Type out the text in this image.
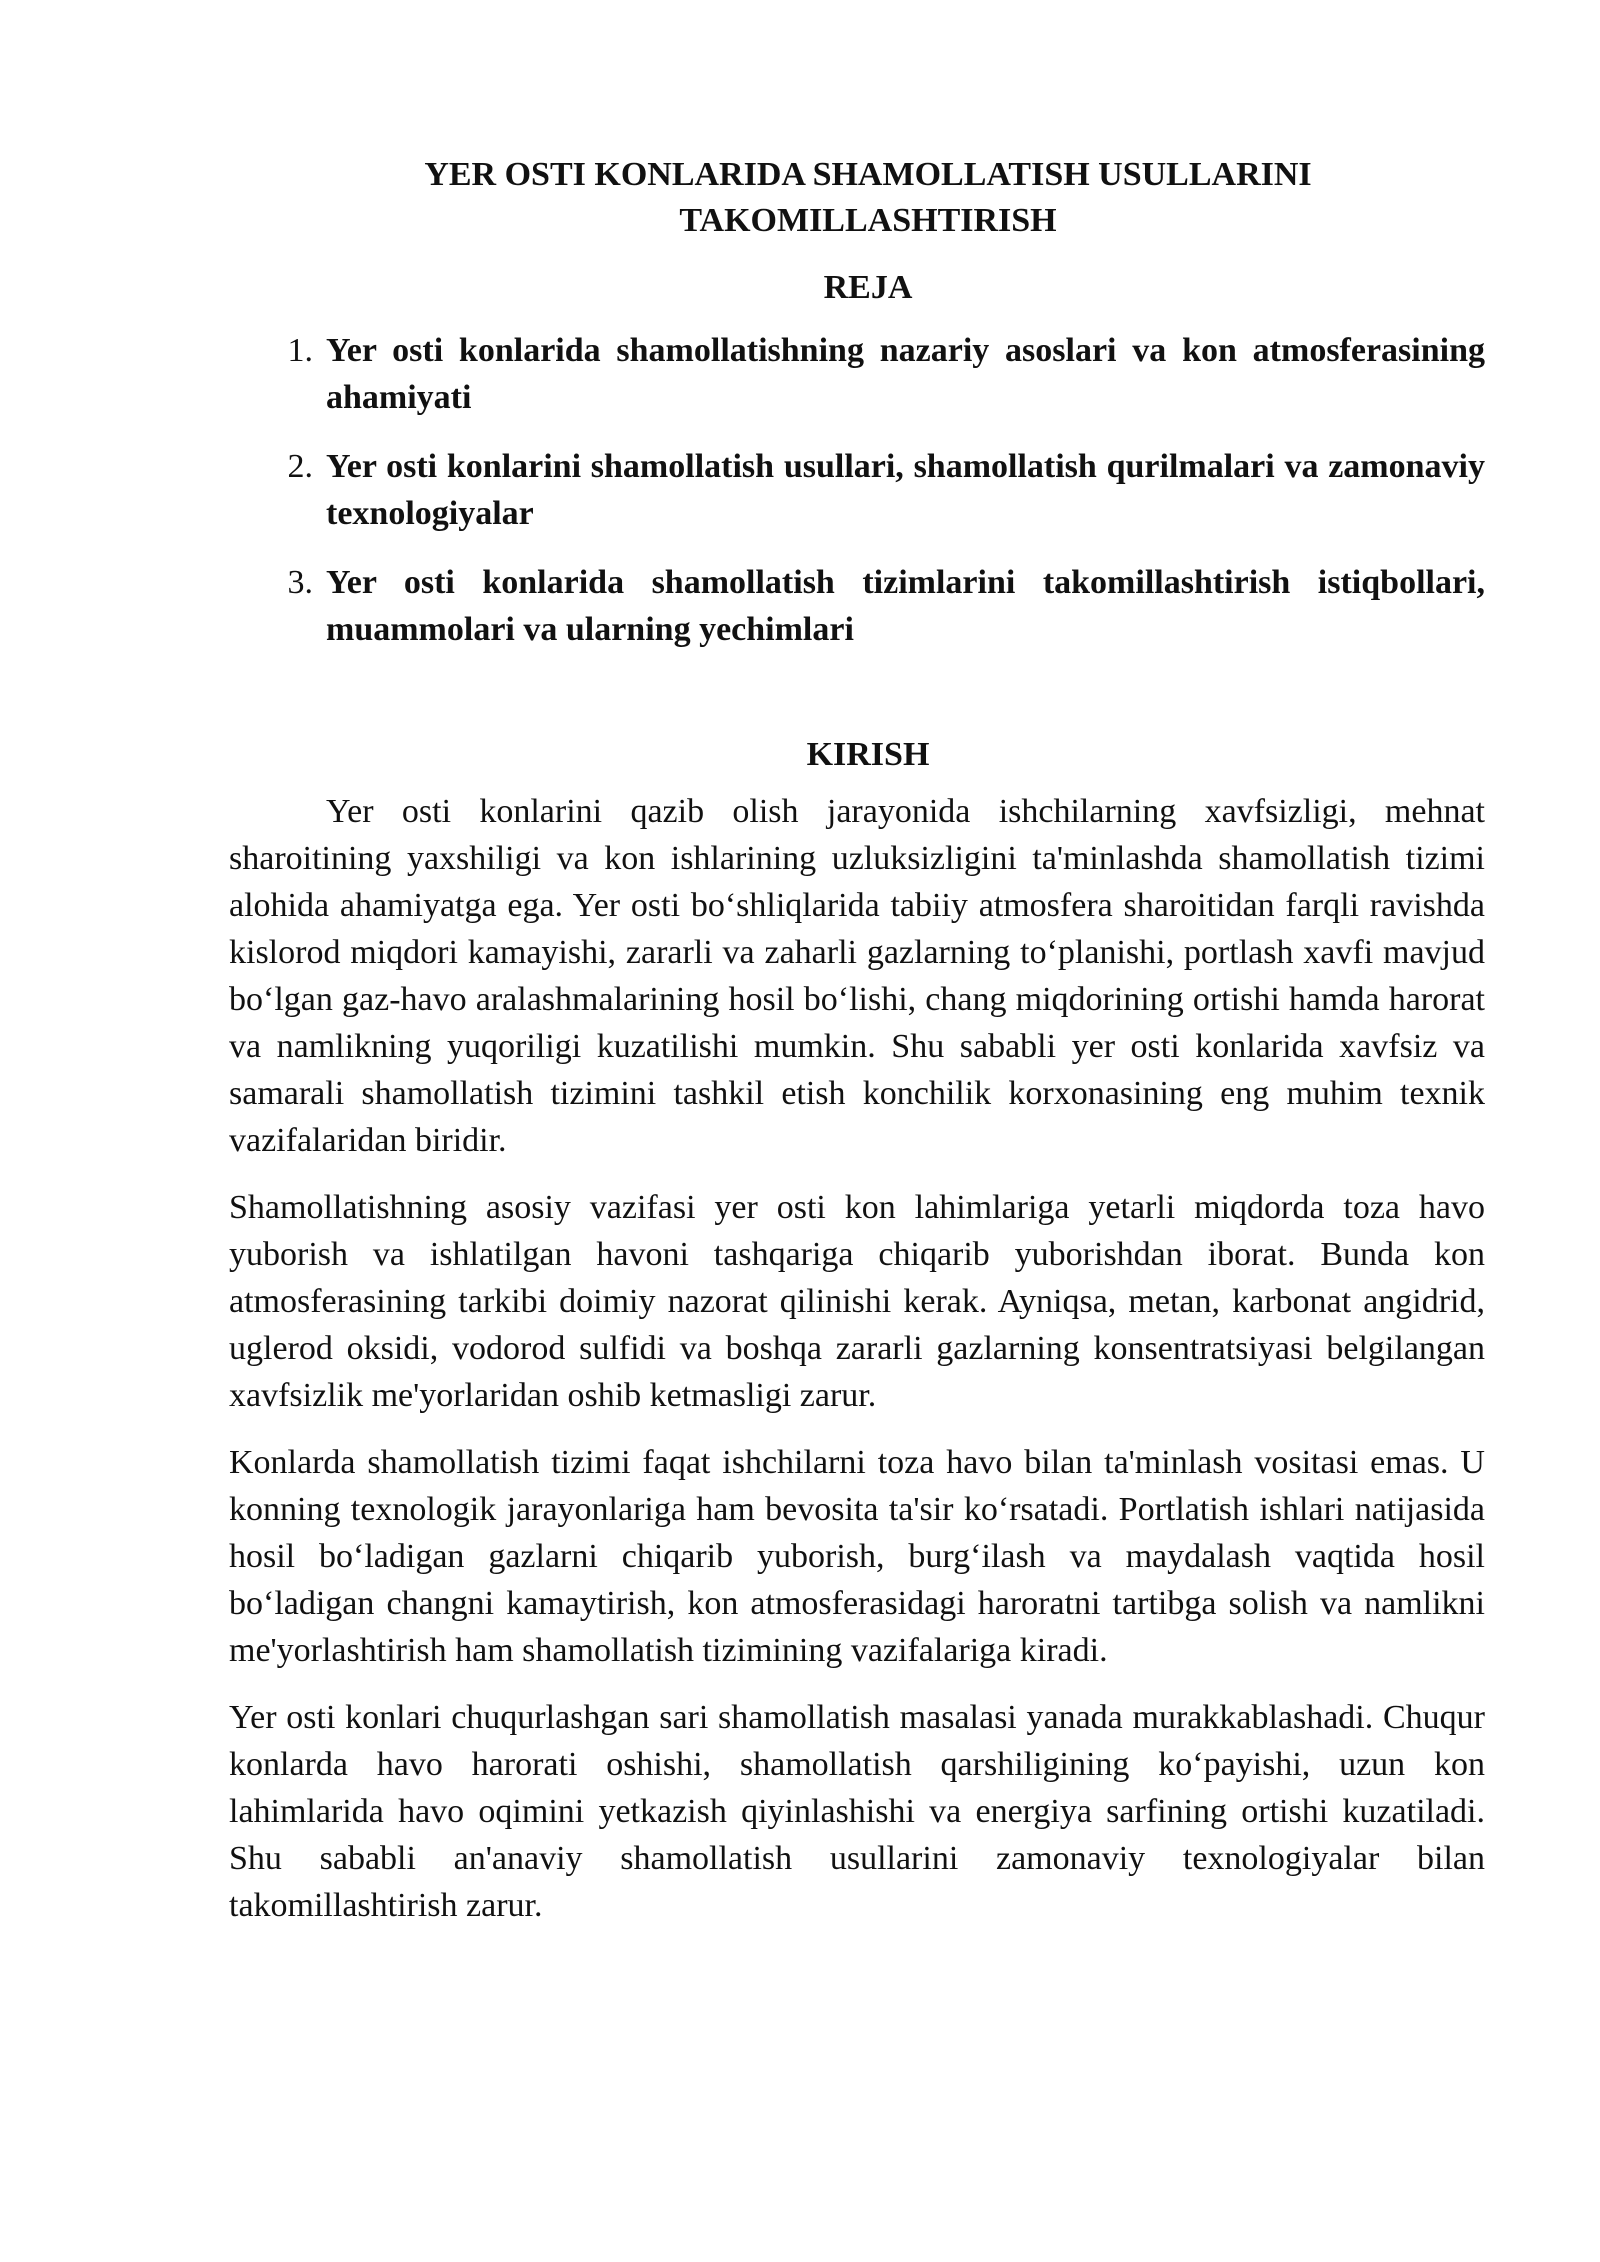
YER OSTI KONLARIDA SHAMOLLATISH USULLARINI
TAKOMILLASHTIRISH
REJA
1. Yer osti konlarida shamollatishning nazariy asoslari va kon atmosferasining ahamiyati
2. Yer osti konlarini shamollatish usullari, shamollatish qurilmalari va zamonaviy texnologiyalar
3. Yer osti konlarida shamollatish tizimlarini takomillashtirish istiqbollari, muammolari va ularning yechimlari
KIRISH

Yer osti konlarini qazib olish jarayonida ishchilarning xavfsizligi, mehnat sharoitining yaxshiligi va kon ishlarining uzluksizligini ta'minlashda shamollatish tizimi alohida ahamiyatga ega. Yer osti bo‘shliqlarida tabiiy atmosfera sharoitidan farqli ravishda kislorod miqdori kamayishi, zararli va zaharli gazlarning to‘planishi, portlash xavfi mavjud bo‘lgan gaz-havo aralashmalarining hosil bo‘lishi, chang miqdorining ortishi hamda harorat va namlikning yuqoriligi kuzatilishi mumkin. Shu sababli yer osti konlarida xavfsiz va samarali shamollatish tizimini tashkil etish konchilik korxonasining eng muhim texnik vazifalaridan biridir.

Shamollatishning asosiy vazifasi yer osti kon lahimlariga yetarli miqdorda toza havo yuborish va ishlatilgan havoni tashqariga chiqarib yuborishdan iborat. Bunda kon atmosferasining tarkibi doimiy nazorat qilinishi kerak. Ayniqsa, metan, karbonat angidrid, uglerod oksidi, vodorod sulfidi va boshqa zararli gazlarning konsentratsiyasi belgilangan xavfsizlik me'yorlaridan oshib ketmasligi zarur.

Konlarda shamollatish tizimi faqat ishchilarni toza havo bilan ta'minlash vositasi emas. U konning texnologik jarayonlariga ham bevosita ta'sir ko‘rsatadi. Portlatish ishlari natijasida hosil bo‘ladigan gazlarni chiqarib yuborish, burg‘ilash va maydalash vaqtida hosil bo‘ladigan changni kamaytirish, kon atmosferasidagi haroratni tartibga solish va namlikni me'yorlashtirish ham shamollatish tizimining vazifalariga kiradi.

Yer osti konlari chuqurlashgan sari shamollatish masalasi yanada murakkablashadi. Chuqur konlarda havo harorati oshishi, shamollatish qarshiligining ko‘payishi, uzun kon lahimlarida havo oqimini yetkazish qiyinlashishi va energiya sarfining ortishi kuzatiladi. Shu sababli an'anaviy shamollatish usullarini zamonaviy texnologiyalar bilan takomillashtirish zarur.
